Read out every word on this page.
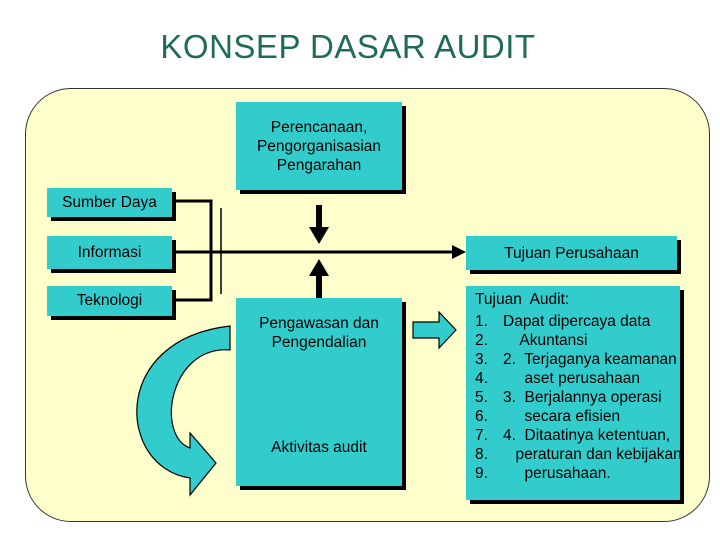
KONSEP DASAR AUDIT
Perencanaan,
Pengorganisasian
Pengarahan
Sumber Daya
Informasi
Teknologi
Tujuan Perusahaan
Pengawasan dan
Pengendalian
Aktivitas audit
Tujuan  Audit:
1. Dapat dipercaya data
2. Akuntansi
3. 2.  Terjaganya keamanan
4. aset perusahaan
5. 3.  Berjalannya operasi
6. secara efisien
7. 4.  Ditaatinya ketentuan,
8. peraturan dan kebijakan
9. perusahaan.
